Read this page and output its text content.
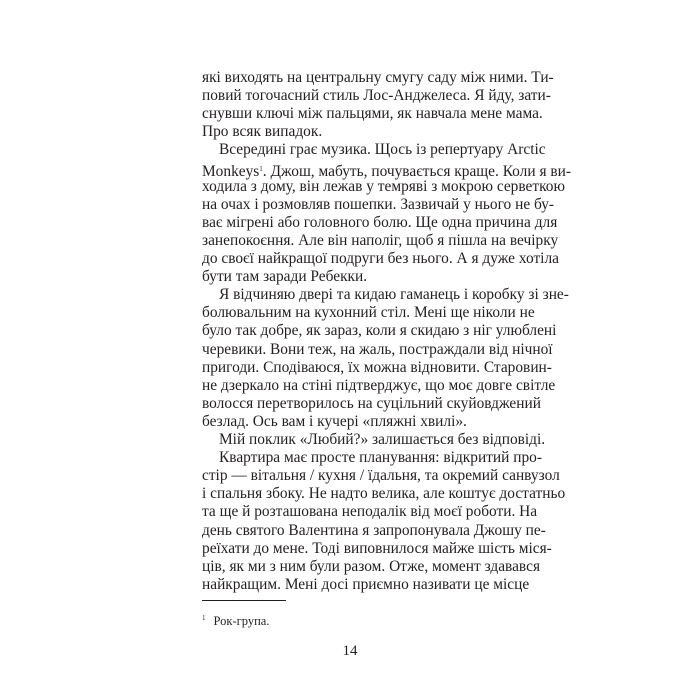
які виходять на центральну смугу саду між ними. Ти-
повий тогочасний стиль Лос-Анджелеса. Я йду, зати-
снувши ключі між пальцями, як навчала мене мама.
Про всяк випадок.
Всередині грає музика. Щось із репертуару Arctic
Monkeys$^1$. Джош, мабуть, почувається краще. Коли я ви-
ходила з дому, він лежав у темряві з мокрою серветкою
на очах і розмовляв пошепки. Зазвичай у нього не бу-
ває мігрені або головного болю. Ще одна причина для
занепокоєння. Але він наполіг, щоб я пішла на вечірку
до своєї найкращої подруги без нього. А я дуже хотіла
бути там заради Ребекки.
Я відчиняю двері та кидаю гаманець і коробку зі зне-
болювальним на кухонний стіл. Мені ще ніколи не
було так добре, як зараз, коли я скидаю з ніг улюблені
черевики. Вони теж, на жаль, постраждали від нічної
пригоди. Сподіваюся, їх можна відновити. Старовин-
не дзеркало на стіні підтверджує, що моє довге світле
волосся перетворилось на суцільний скуйовджений
безлад. Ось вам і кучері «пляжні хвилі».
Мій поклик «Любий?» залишається без відповіді.
Квартира має просте планування: відкритий про-
стір — вітальня / кухня / їдальня, та окремий санвузол
і спальня збоку. Не надто велика, але коштує достатньо
та ще й розташована неподалік від моєї роботи. На
день святого Валентина я запропонувала Джошу пе-
реїхати до мене. Тоді виповнилося майже шість міся-
ців, як ми з ним були разом. Отже, момент здавався
найкращим. Мені досі приємно називати це місце
$^1$ Рок-група.
14
